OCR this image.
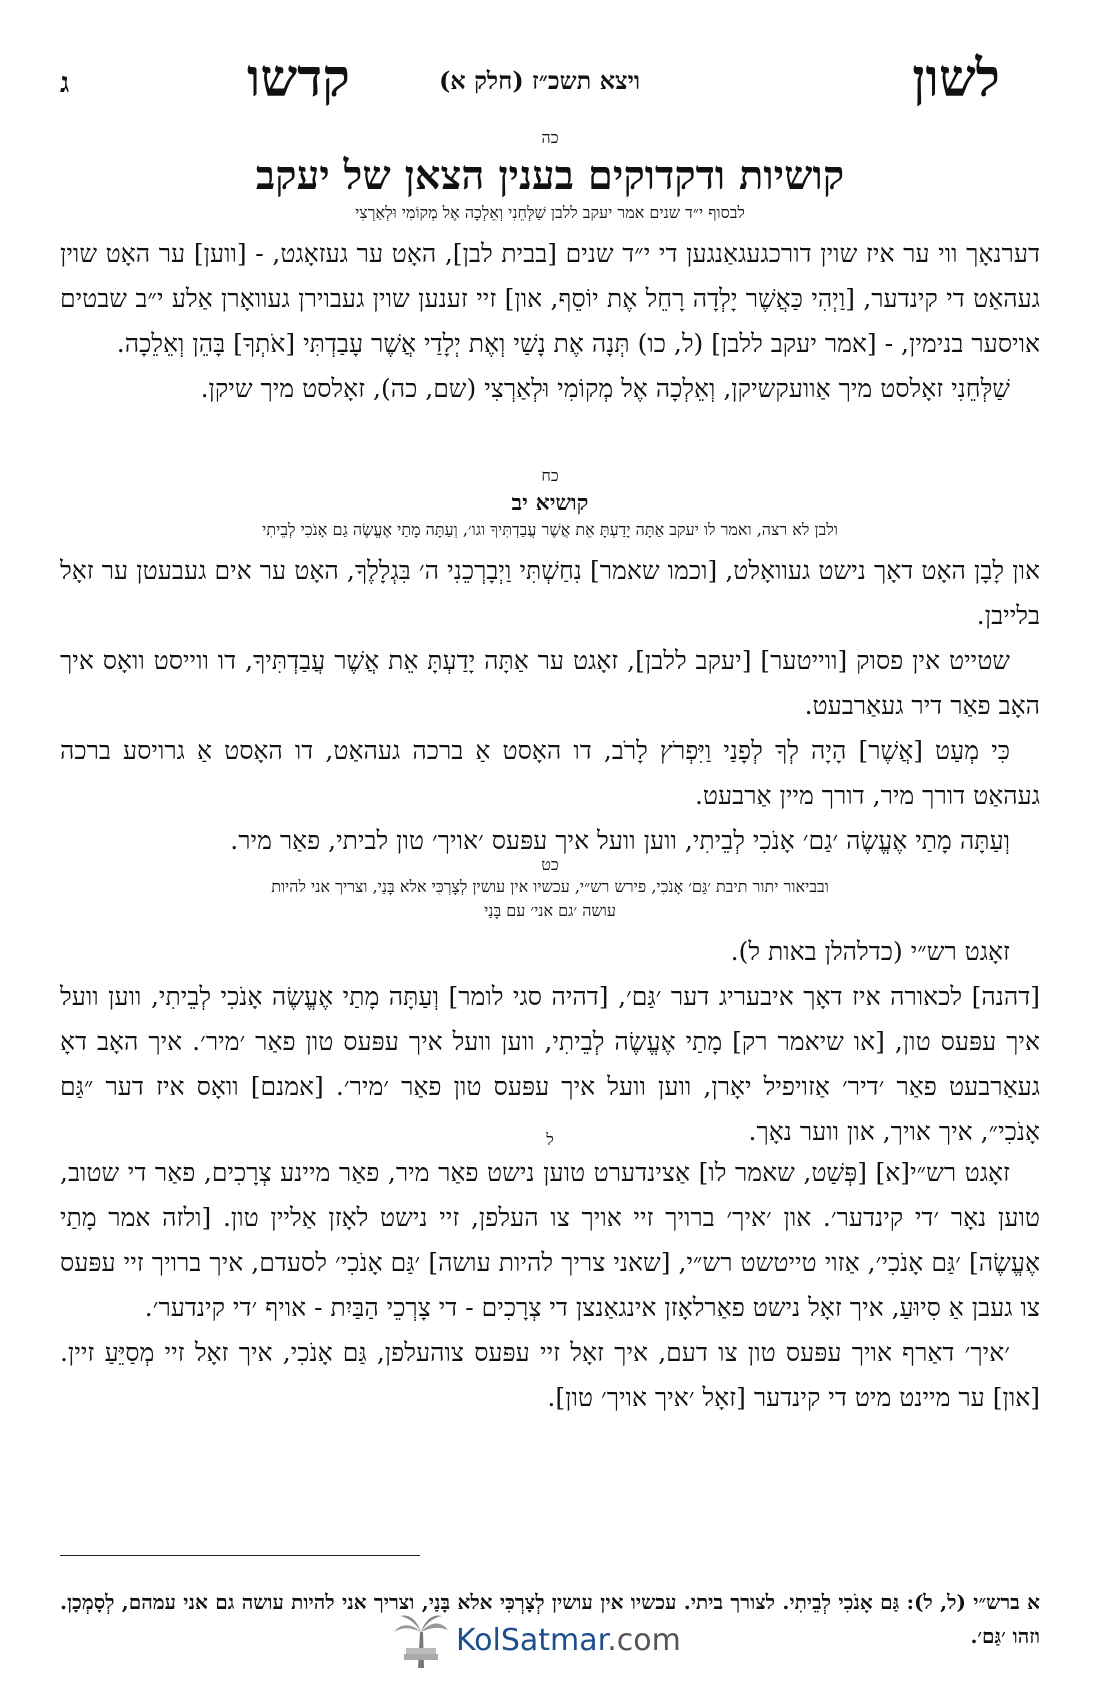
לשון
ויצא תשכ״ז (חלק א)
קדשו
ג

כה

קושיות ודקדוקים בענין הצאן של יעקב

לבסוף י״ד שנים אמר יעקב ללבן שַׁלְּחֵנִי וְאֵלְכָה אֶל מְקוֹמִי וּלְאַרְצִי

דערנאָך ווי ער איז שוין דורכגעגאַנגען די י״ד שנים [בבית לבן], האָט ער געזאָגט, - [ווען] ער האָט שוין געהאַט די קינדער, [וַיְהִי כַּאֲשֶׁר יָלְדָה רָחֵל אֶת יוֹסֵף, און] זיי זענען שוין געבוירן געוואָרן אַלע י״ב שבטים אויסער בנימין, - [אמר יעקב ללבן] (ל, כו) תְּנָה אֶת נָשַׁי וְאֶת יְלָדַי אֲשֶׁר עָבַדְתִּי [אֹתְךָ] בָּהֵן וְאֵלֵכָה.

שַׁלְּחֵנִי זאָלסט מיך אַוועקשיקן, וְאֵלְכָה אֶל מְקוֹמִי וּלְאַרְצִי (שם, כה), זאָלסט מיך שיקן.

כח

קושיא יב

ולבן לא רצה, ואמר לו יעקב אַתָּה יָדַעְתָּ אֵת אֲשֶׁר עֲבַדְתִּיךָ וגו׳, וְעַתָּה מָתַי אֶעֱשֶׂה גַם אָנֹכִי לְבֵיתִי

און לָבָן האָט דאָך נישט געוואָלט, [וכמו שאמר] נִחַשְׁתִּי וַיְבָרְכֵנִי ה׳ בִּגְלָלֶךָ, האָט ער אים געבעטן ער זאָל בלייבן.

שטייט אין פסוק [ווייטער] [יעקב ללבן], זאָגט ער אַתָּה יָדַעְתָּ אֵת אֲשֶׁר עֲבַדְתִּיךָ, דו ווייסט וואָס איך האָב פאַר דיר געאַרבעט.

כִּי מְעַט [אֲשֶׁר] הָיָה לְךָ לְפָנַי וַיִּפְרֹץ לָרֹב, דו האָסט אַ ברכה געהאַט, דו האָסט אַ גרויסע ברכה געהאַט דורך מיר, דורך מיין אַרבעט.

וְעַתָּה מָתַי אֶעֱשֶׂה ׳גַם׳ אָנֹכִי לְבֵיתִי, ווען וועל איך עפּעס ׳אויך׳ טון לביתי, פאַר מיר.

כט

ובביאור יתור תיבת ׳גַּם׳ אָנֹכִי, פירש רש״י, עכשיו אין עושין לְצָרְכִּי אלא בָּנַי, וצריך אני להיות עושה ׳גם אני׳ עם בָּנַי

זאָגט רש״י (כדלהלן באות ל).

[דהנה] לכאורה איז דאָך איבעריג דער ׳גַּם׳, [דהיה סגי לומר] וְעַתָּה מָתַי אֶעֱשֶׂה אָנֹכִי לְבֵיתִי, ווען וועל איך עפּעס טון, [או שיאמר רק] מָתַי אֶעֱשֶׂה לְבֵיתִי, ווען וועל איך עפּעס טון פאַר ׳מיר׳. איך האָב דאָ געאַרבעט פאַר ׳דיר׳ אַזויפיל יאָרן, ווען וועל איך עפּעס טון פאַר ׳מיר׳. [אמנם] וואָס איז דער ״גַּם אָנֹכִי״, איך אויך, און ווער נאָך.

ל

זאָגט רש״י[א] [פְּשַׁט, שאמר לו] אַצינדערט טוען נישט פאַר מיר, פאַר מיינע צְרָכִים, פאַר די שטוב, טוען נאָר ׳די קינדער׳. און ׳איך׳ ברויך זיי אויך צו העלפן, זיי נישט לאָזן אַליין טון. [ולזה אמר מָתַי אֶעֱשֶׂה] ׳גַּם אָנֹכִי׳, אַזוי טייטשט רש״י, [שאני צריך להיות עושה] ׳גַּם אָנֹכִי׳ לסעדם, איך ברויך זיי עפּעס צו געבן אַ סִיוּעַ, איך זאָל נישט פאַרלאָזן אינגאַנצן די צְרָכִים - די צָרְכֵי הַבַּיִת - אויף ׳די קינדער׳.

׳איך׳ דאַרף אויך עפּעס טון צו דעם, איך זאָל זיי עפּעס צוהעלפן, גַּם אָנֹכִי, איך זאָל זיי מְסַיֵּעַ זיין. [און] ער מיינט מיט די קינדער [זאָל ׳איך אויך׳ טון].

א ברש״י (ל, ל): גַּם אָנֹכִי לְבֵיתִי. לצורך ביתי. עכשיו אין עושין לְצָרְכִּי אלא בָּנַי, וצריך אני להיות עושה גם אני עמהם, לְסָמְכָן. וזהו ׳גַּם׳.

KolSatmar.com
